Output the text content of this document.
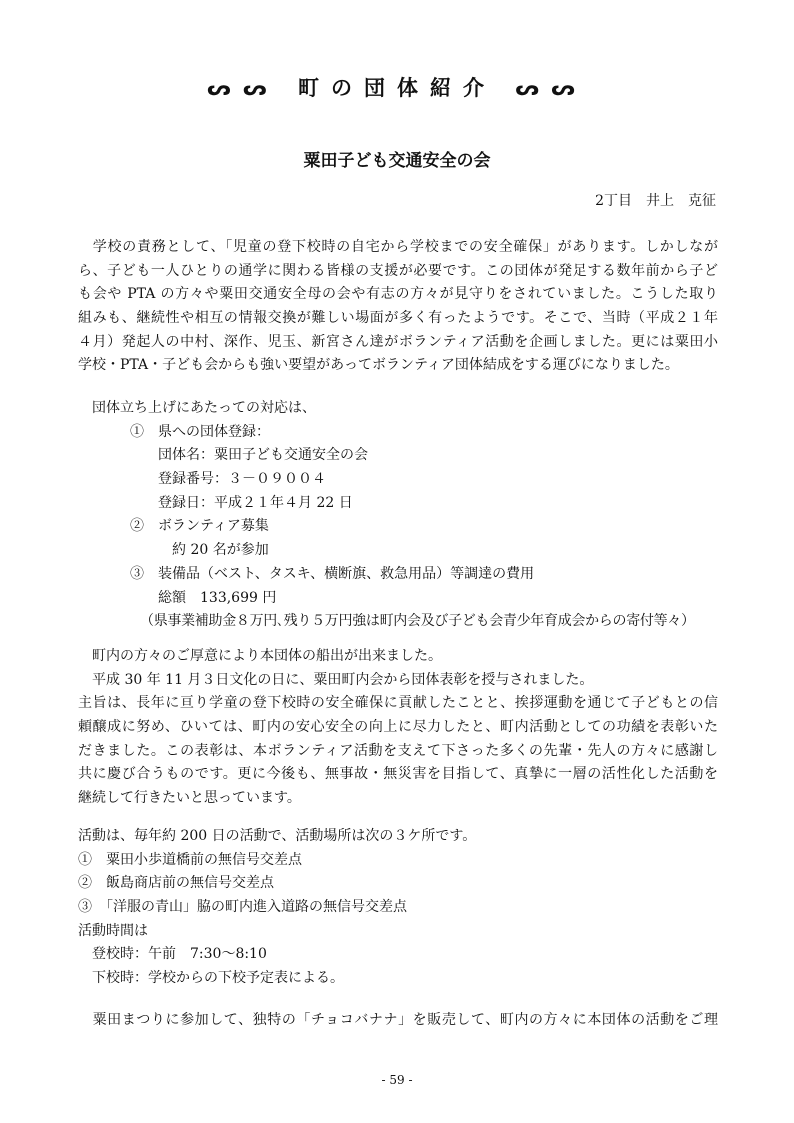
ᔕᔕ 町の団体紹介 ᔕᔕ
粟田子ども交通安全の会
2丁目　井上　克征
　学校の責務として、「児童の登下校時の自宅から学校までの安全確保」があります。しかしなが
ら、子ども一人ひとりの通学に関わる皆様の支援が必要です。この団体が発足する数年前から子ど
も会や PTA の方々や粟田交通安全母の会や有志の方々が見守りをされていました。こうした取り
組みも、継続性や相互の情報交換が難しい場面が多く有ったようです。そこで、当時（平成２１年
４月）発起人の中村、深作、児玉、新宮さん達がボランティア活動を企画しました。更には粟田小
学校・PTA・子ども会からも強い要望があってボランティア団体結成をする運びになりました。
団体立ち上げにあたっての対応は、
①　県への団体登録：
団体名：粟田子ども交通安全の会
登録番号：３－０９００４
登録日：平成２１年４月 22 日
②　ボランティア募集
約 20 名が参加
③　装備品（ベスト、タスキ、横断旗、救急用品）等調達の費用
総額　133,699 円
（県事業補助金８万円､残り５万円強は町内会及び子ども会青少年育成会からの寄付等々）
　町内の方々のご厚意により本団体の船出が出来ました。
　平成 30 年 11 月３日文化の日に、粟田町内会から団体表彰を授与されました。
主旨は、長年に亘り学童の登下校時の安全確保に貢献したことと、挨拶運動を通じて子どもとの信
頼醸成に努め、ひいては、町内の安心安全の向上に尽力したと、町内活動としての功績を表彰いた
だきました。この表彰は、本ボランティア活動を支えて下さった多くの先輩・先人の方々に感謝し
共に慶び合うものです。更に今後も、無事故・無災害を目指して、真摯に一層の活性化した活動を
継続して行きたいと思っています。
活動は、毎年約 200 日の活動で、活動場所は次の３ケ所です。
①　粟田小歩道橋前の無信号交差点
②　飯島商店前の無信号交差点
③　「洋服の青山」脇の町内進入道路の無信号交差点
活動時間は
　登校時：午前　7:30～8:10
　下校時：学校からの下校予定表による。
　粟田まつりに参加して、独特の「チョコバナナ」を販売して、町内の方々に本団体の活動をご理
- 59 -
